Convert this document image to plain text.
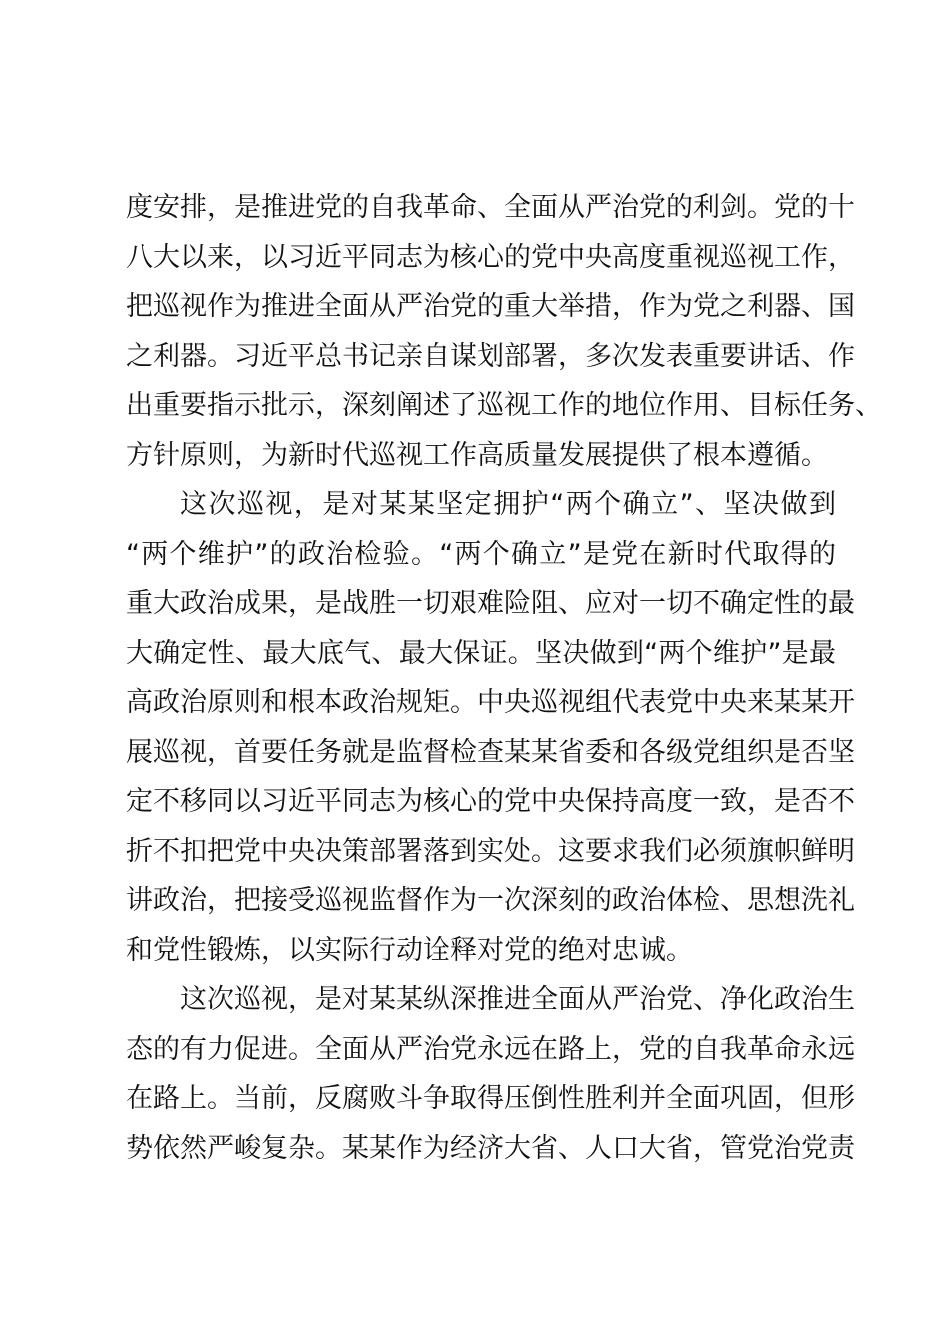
度安排，是推进党的自我革命、全面从严治党的利剑。党的十
八大以来，以习近平同志为核心的党中央高度重视巡视工作，
把巡视作为推进全面从严治党的重大举措，作为党之利器、国
之利器。习近平总书记亲自谋划部署，多次发表重要讲话、作
出重要指示批示，深刻阐述了巡视工作的地位作用、目标任务、
方针原则，为新时代巡视工作高质量发展提供了根本遵循。
这次巡视，是对某某坚定拥护“两个确立”、坚决做到
“两个维护”的政治检验。“两个确立”是党在新时代取得的
重大政治成果，是战胜一切艰难险阻、应对一切不确定性的最
大确定性、最大底气、最大保证。坚决做到“两个维护”是最
高政治原则和根本政治规矩。中央巡视组代表党中央来某某开
展巡视，首要任务就是监督检查某某省委和各级党组织是否坚
定不移同以习近平同志为核心的党中央保持高度一致，是否不
折不扣把党中央决策部署落到实处。这要求我们必须旗帜鲜明
讲政治，把接受巡视监督作为一次深刻的政治体检、思想洗礼
和党性锻炼，以实际行动诠释对党的绝对忠诚。
这次巡视，是对某某纵深推进全面从严治党、净化政治生
态的有力促进。全面从严治党永远在路上，党的自我革命永远
在路上。当前，反腐败斗争取得压倒性胜利并全面巩固，但形
势依然严峻复杂。某某作为经济大省、人口大省，管党治党责
